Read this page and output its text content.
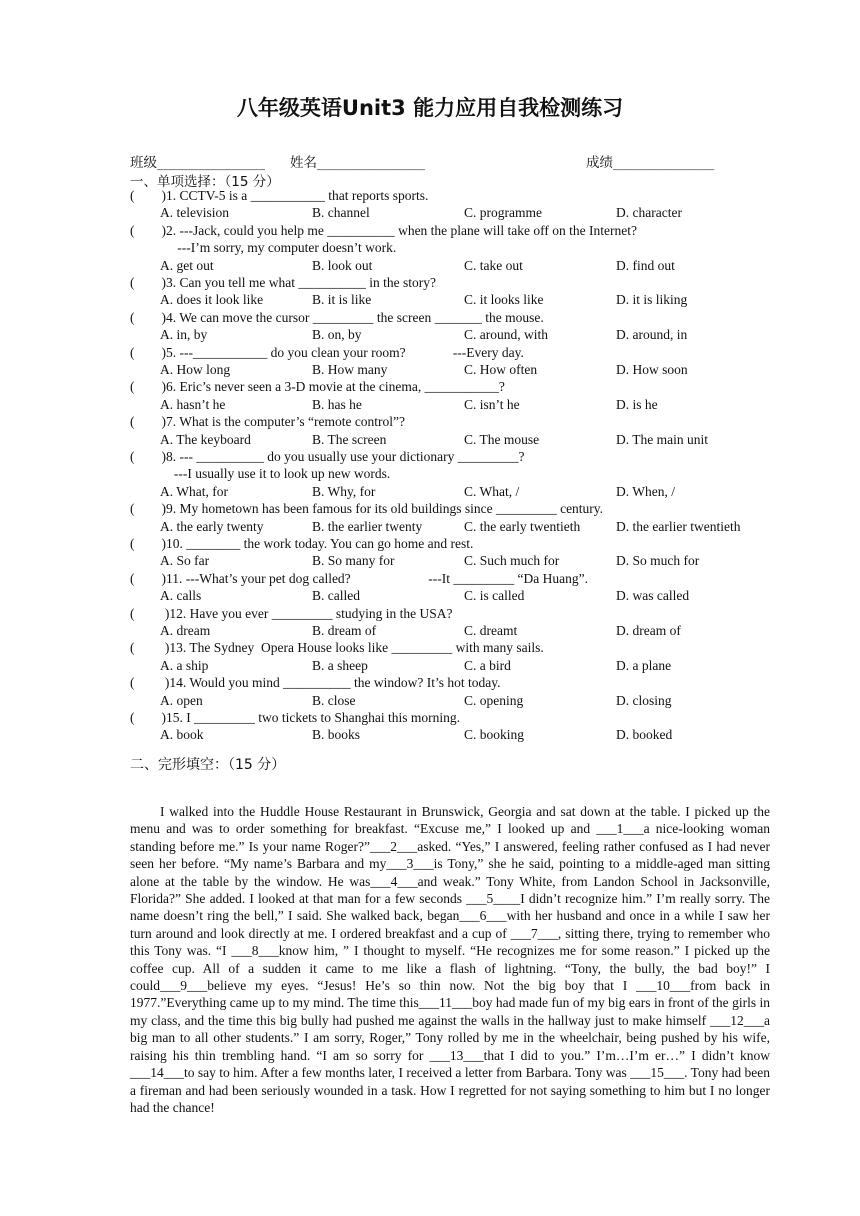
八年级英语Unit3 能力应用自我检测练习
班级________________ 姓名________________	成绩_______________
一、单项选择：（15 分）
(        )1. CCTV-5 is a ___________ that reports sports.
A. television	B. channel	C. programme	D. character
(        )2. ---Jack, could you help me __________ when the plane will take off on the Internet?
---I’m sorry, my computer doesn’t work.
A. get out	B. look out	C. take out	D. find out
(        )3. Can you tell me what __________ in the story?
A. does it look like	B. it is like	C. it looks like	D. it is liking
(        )4. We can move the cursor _________ the screen _______ the mouse.
A. in, by	B. on, by	C. around, with	D. around, in
(        )5. ---___________ do you clean your room?              ---Every day.
A. How long	B. How many	C. How often	D. How soon
(        )6. Eric’s never seen a 3-D movie at the cinema, ___________?
A. hasn’t he	B. has he	C. isn’t he	D. is he
(        )7. What is the computer’s “remote control”?
A. The keyboard	B. The screen	C. The mouse	D. The main unit
(        )8. --- __________ do you usually use your dictionary _________?
---I usually use it to look up new words.
A. What, for	B. Why, for	C. What, /	D. When, /
(        )9. My hometown has been famous for its old buildings since _________ century.
A. the early twenty	B. the earlier twenty	C. the early twentieth	D. the earlier twentieth
(        )10. ________ the work today. You can go home and rest.
A. So far	B. So many for	C. Such much for	D. So much for
(        )11. ---What’s your pet dog called?                       ---It _________ “Da Huang”.
A. calls	B. called	C. is called	D. was called
(         )12. Have you ever _________ studying in the USA?
A. dream	B. dream of	C. dreamt	D. dream of
(         )13. The Sydney  Opera House looks like _________ with many sails.
A. a ship	B. a sheep	C. a bird	D. a plane
(         )14. Would you mind __________ the window? It’s hot today.
A. open	B. close	C. opening	D. closing
(        )15. I _________ two tickets to Shanghai this morning.
A. book	B. books	C. booking	D. booked
二、完形填空：（15 分）
I walked into the Huddle House Restaurant in Brunswick, Georgia and sat down at the table. I picked up the menu and was to order something for breakfast. “Excuse me,” I looked up and ___1___a nice-looking woman standing before me.” Is your name Roger?”___2___asked. “Yes,” I answered, feeling rather confused as I had never seen her before. “My name’s Barbara and my___3___is Tony,” she he said, pointing to a middle-aged man sitting alone at the table by the window. He was___4___and weak.” Tony White, from Landon School in Jacksonville, Florida?” She added. I looked at that man for a few seconds ___5____I didn’t recognize him.” I’m really sorry. The name doesn’t ring the bell,” I said. She walked back, began___6___with her husband and once in a while I saw her turn around and look directly at me. I ordered breakfast and a cup of ___7___, sitting there, trying to remember who this Tony was. “I ___8___know him, ” I thought to myself. “He recognizes me for some reason.” I picked up the coffee cup. All of a sudden it came to me like a flash of lightning. “Tony, the bully, the bad boy!” I could___9___believe my eyes. “Jesus! He’s so thin now. Not the big boy that I ___10___from back in 1977.”Everything came up to my mind. The time this___11___boy had made fun of my big ears in front of the girls in my class, and the time this big bully had pushed me against the walls in the hallway just to make himself ___12___a big man to all other students.” I am sorry, Roger,” Tony rolled by me in the wheelchair, being pushed by his wife, raising his thin trembling hand. “I am so sorry for ___13___that I did to you.” I’m…I’m er…” I didn’t know ___14___to say to him. After a few months later, I received a letter from Barbara. Tony was ___15___. Tony had been a fireman and had been seriously wounded in a task. How I regretted for not saying something to him but I no longer had the chance!
